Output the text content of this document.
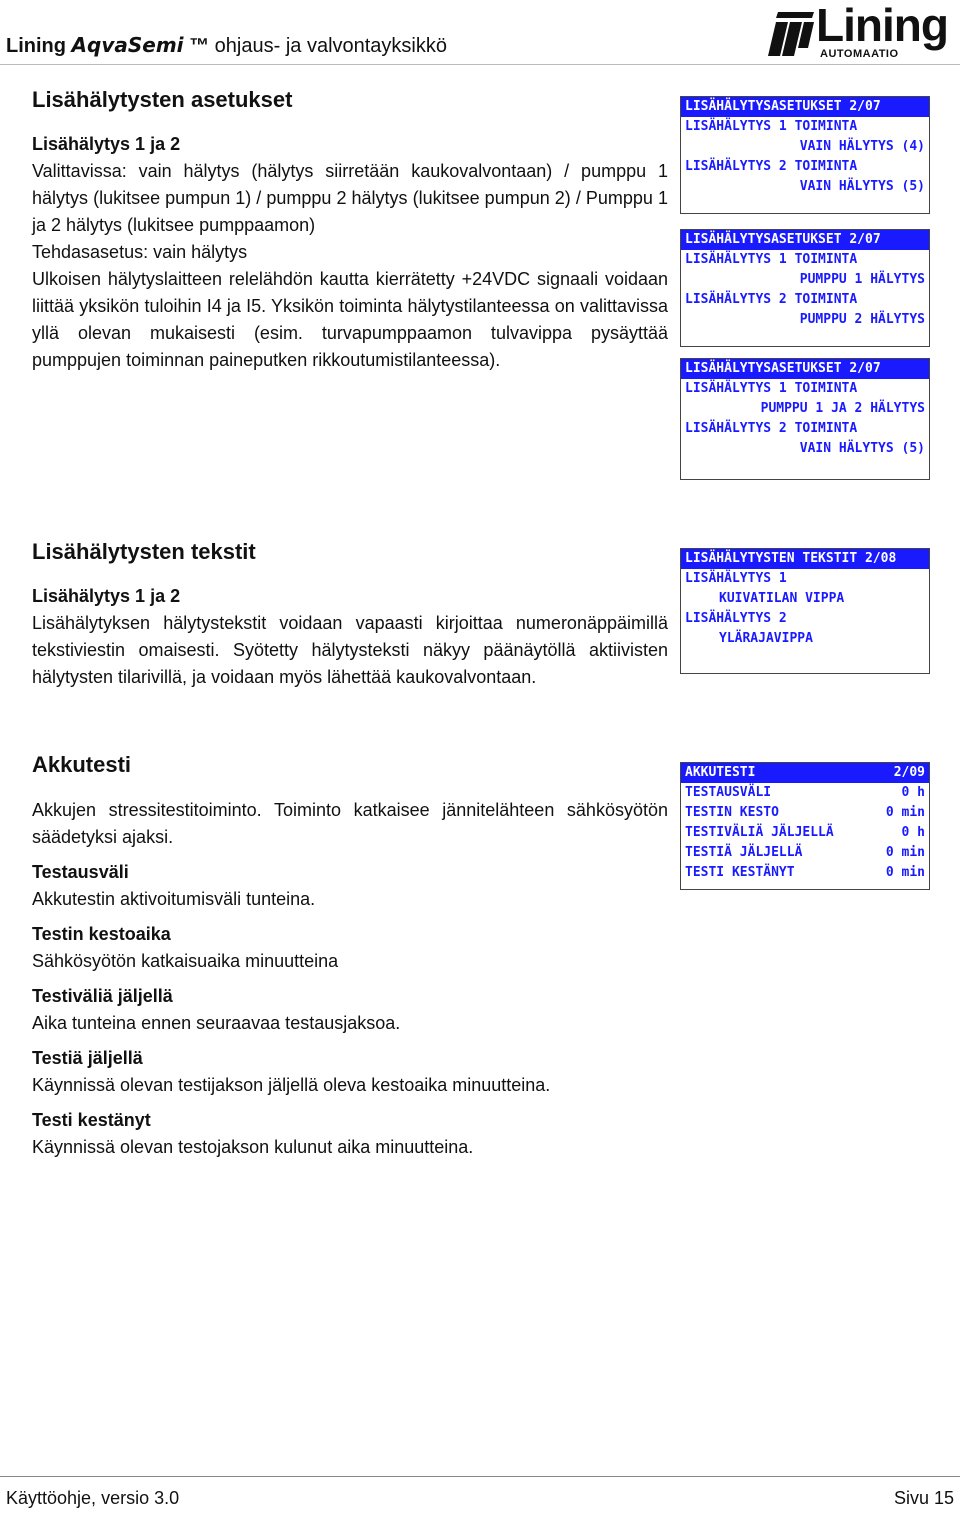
Lining AqvaSemi ™ ohjaus- ja valvontayksikkö	Lining
AUTOMAATIO
Lisähälytysten asetukset

Lisähälytys 1 ja 2

Valittavissa: vain hälytys (hälytys siirretään kaukovalvontaan) / pumppu 1 hälytys (lukitsee pumpun 1) / pumppu 2 hälytys (lukitsee pumpun 2) / Pumppu 1 ja 2 hälytys (lukitsee pumppaamon)

Tehdasasetus: vain hälytys

Ulkoisen hälytyslaitteen relelähdön kautta kierrätetty +24VDC signaali voidaan liittää yksikön tuloihin I4 ja I5. Yksikön toiminta hälytystilanteessa on valittavissa yllä olevan mukaisesti (esim. turvapumppaamon tulvavippa pysäyttää pumppujen toiminnan paineputken rikkoutumistilanteessa).

LISÄHÄLYTYSASETUKSET 2/07
LISÄHÄLYTYS 1 TOIMINTA
VAIN HÄLYTYS (4)
LISÄHÄLYTYS 2 TOIMINTA
VAIN HÄLYTYS (5)
LISÄHÄLYTYSASETUKSET 2/07
LISÄHÄLYTYS 1 TOIMINTA
PUMPPU 1 HÄLYTYS
LISÄHÄLYTYS 2 TOIMINTA
PUMPPU 2 HÄLYTYS
LISÄHÄLYTYSASETUKSET 2/07
LISÄHÄLYTYS 1 TOIMINTA
PUMPPU 1 JA 2 HÄLYTYS
LISÄHÄLYTYS 2 TOIMINTA
VAIN HÄLYTYS (5)
Lisähälytysten tekstit

Lisähälytys 1 ja 2

Lisähälytyksen hälytystekstit voidaan vapaasti kirjoittaa numeronäppäimillä tekstiviestin omaisesti. Syötetty hälytysteksti näkyy päänäytöllä aktiivisten hälytysten tilarivillä, ja voidaan myös lähettää kaukovalvontaan.

LISÄHÄLYTYSTEN TEKSTIT 2/08
LISÄHÄLYTYS 1
KUIVATILAN VIPPA
LISÄHÄLYTYS 2
YLÄRAJAVIPPA
Akkutesti

Akkujen stressitestitoiminto. Toiminto katkaisee jännitelähteen sähkösyötön säädetyksi ajaksi.

Testausväli

Akkutestin aktivoitumisväli tunteina.

Testin kestoaika

Sähkösyötön katkaisuaika minuutteina

Testiväliä jäljellä

Aika tunteina ennen seuraavaa testausjaksoa.

Testiä jäljellä

Käynnissä olevan testijakson jäljellä oleva kestoaika minuutteina.

Testi kestänyt

Käynnissä olevan testojakson kulunut aika minuutteina.

AKKUTESTI	2/09
TESTAUSVÄLI	0 h
TESTIN KESTO	0 min
TESTIVÄLIÄ JÄLJELLÄ	0 h
TESTIÄ JÄLJELLÄ	0 min
TESTI KESTÄNYT	0 min
Käyttöohje, versio 3.0	Sivu 15
